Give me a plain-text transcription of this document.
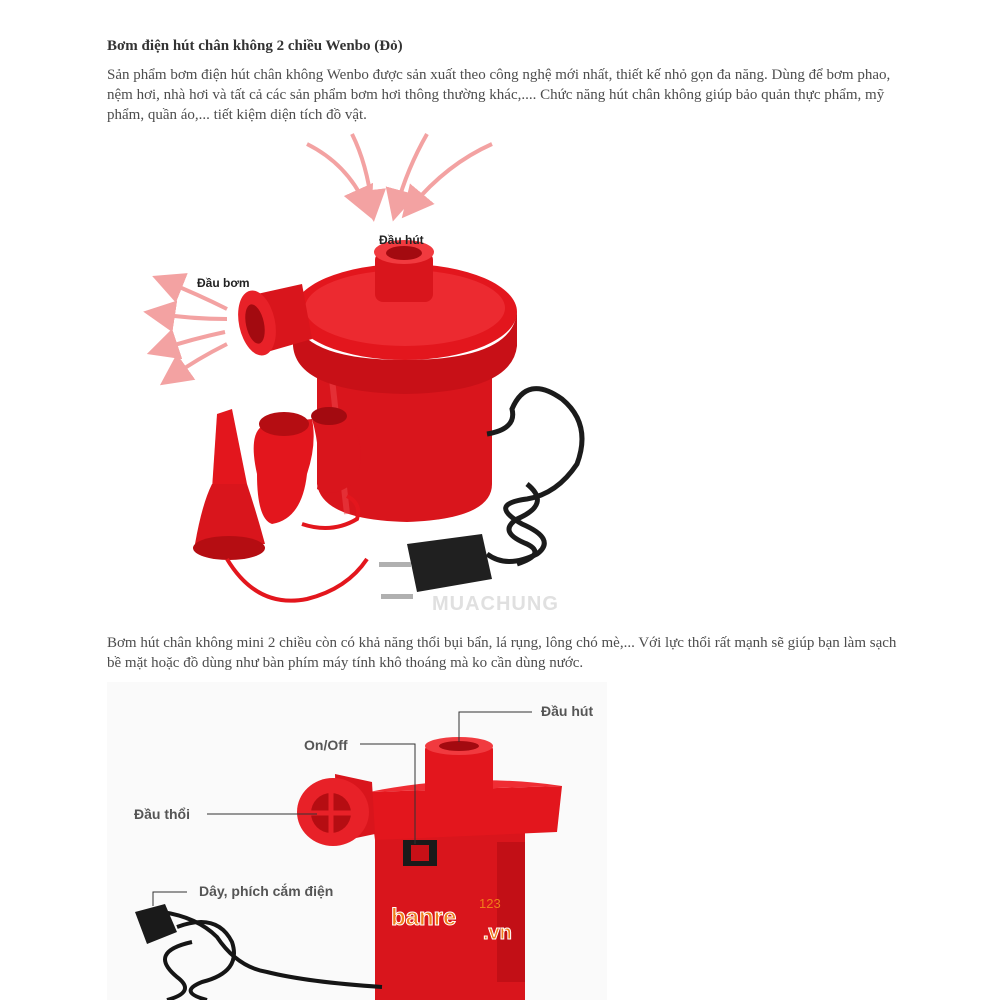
Bơm điện hút chân không 2 chiều Wenbo (Đỏ)

Sản phẩm bơm điện hút chân không Wenbo được sản xuất theo công nghệ mới nhất, thiết kế nhỏ gọn đa năng. Dùng để bơm phao, nệm hơi, nhà hơi và tất cả các sản phẩm bơm hơi thông thường khác,.... Chức năng hút chân không giúp bảo quản thực phẩm, mỹ phẩm, quần áo,... tiết kiệm diện tích đồ vật.

Đầu hút
Đầu bơm
MUACHUNG

Bơm hút chân không mini 2 chiều còn có khả năng thổi bụi bẩn, lá rụng, lông chó mè,... Với lực thổi rất mạnh sẽ giúp bạn làm sạch bề mặt hoặc đồ dùng như bàn phím máy tính khô thoáng mà ko cần dùng nước.

Đầu hút
On/Off
Đầu thổi
Dây, phích cắm điện
banre
.vn
123
